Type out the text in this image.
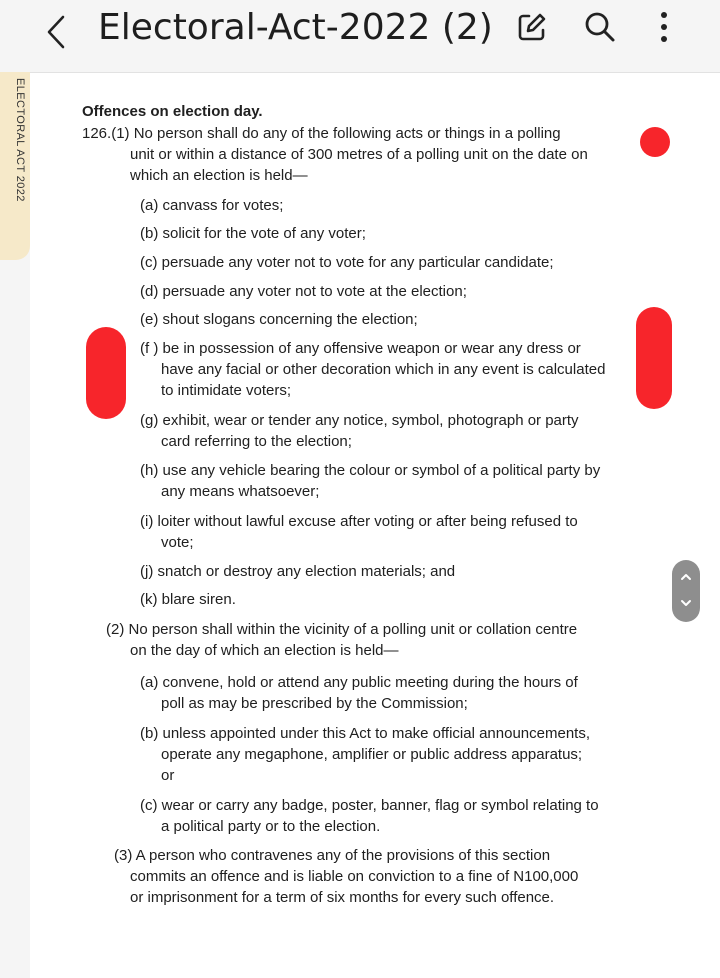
Electoral-Act-2022 (2)
ELECTORAL ACT 2022	Offences on election day.
126.(1) No person shall do any of the following acts or things in a polling
unit or within a distance of 300 metres of a polling unit on the date on
which an election is held—
(a) canvass for votes;
(b) solicit for the vote of any voter;
(c) persuade any voter not to vote for any particular candidate;
(d) persuade any voter not to vote at the election;
(e) shout slogans concerning the election;
(f ) be in possession of any offensive weapon or wear any dress or
have any facial or other decoration which in any event is calculated
to intimidate voters;
(g) exhibit, wear or tender any notice, symbol, photograph or party
card referring to the election;
(h) use any vehicle bearing the colour or symbol of a political party by
any means whatsoever;
(i) loiter without lawful excuse after voting or after being refused to
vote;
(j) snatch or destroy any election materials; and
(k) blare siren.
(2) No person shall within the vicinity of a polling unit or collation centre
on the day of which an election is held—
(a) convene, hold or attend any public meeting during the hours of
poll as may be prescribed by the Commission;
(b) unless appointed under this Act to make official announcements,
operate any megaphone, amplifier or public address apparatus;
or
(c) wear or carry any badge, poster, banner, flag or symbol relating to
a political party or to the election.
(3) A person who contravenes any of the provisions of this section
commits an offence and is liable on conviction to a fine of N100,000
or imprisonment for a term of six months for every such offence.
